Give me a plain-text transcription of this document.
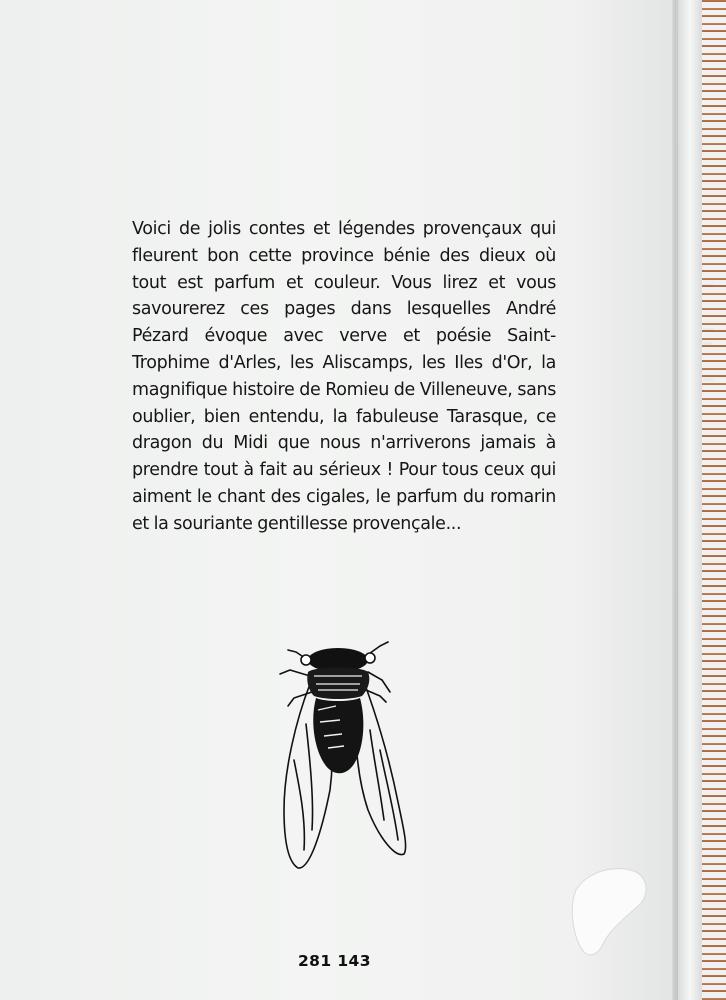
Voici de jolis contes et légendes provençaux qui fleurent bon cette province bénie des dieux où tout est parfum et couleur. Vous lirez et vous savourerez ces pages dans lesquelles André Pézard évoque avec verve et poésie Saint-Trophime d'Arles, les Aliscamps, les Iles d'Or, la magnifique histoire de Romieu de Villeneuve, sans oublier, bien entendu, la fabuleuse Tarasque, ce dragon du Midi que nous n'arriverons jamais à prendre tout à fait au sérieux ! Pour tous ceux qui aiment le chant des cigales, le parfum du romarin et la souriante gentillesse provençale...

281 143
